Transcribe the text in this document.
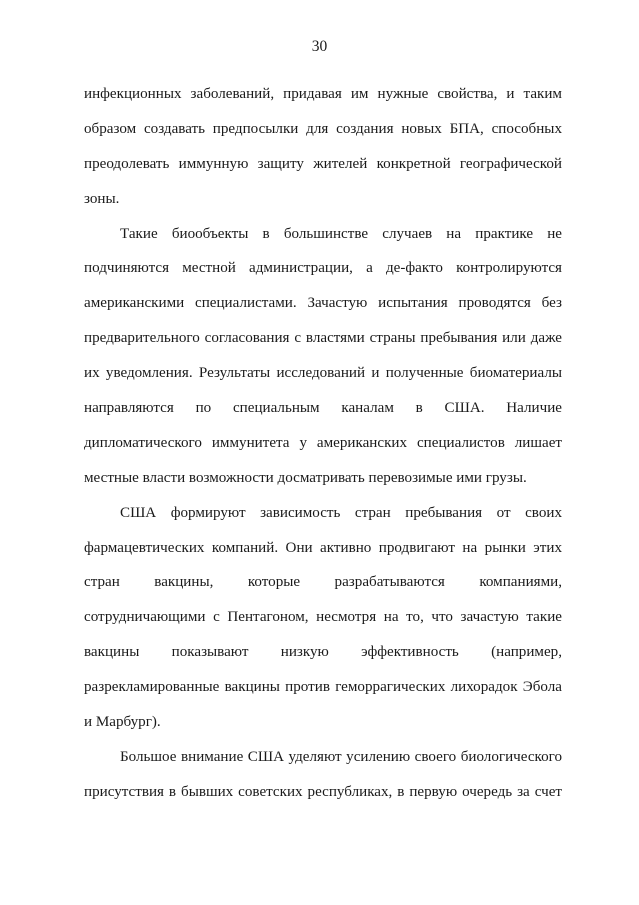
30

инфекционных заболеваний, придавая им нужные свойства, и таким
образом создавать предпосылки для создания новых БПА, способных
преодолевать иммунную защиту жителей конкретной географической
зоны.

Такие биообъекты в большинстве случаев на практике не
подчиняются местной администрации, а де-факто контролируются
американскими специалистами. Зачастую испытания проводятся без
предварительного согласования с властями страны пребывания или даже
их уведомления. Результаты исследований и полученные биоматериалы
направляются по специальным каналам в США. Наличие
дипломатического иммунитета у американских специалистов лишает
местные власти возможности досматривать перевозимые ими грузы.

США формируют зависимость стран пребывания от своих
фармацевтических компаний. Они активно продвигают на рынки этих
стран вакцины, которые разрабатываются компаниями,
сотрудничающими с Пентагоном, несмотря на то, что зачастую такие
вакцины показывают низкую эффективность (например,
разрекламированные вакцины против геморрагических лихорадок Эбола
и Марбург).

Большое внимание США уделяют усилению своего биологического
присутствия в бывших советских республиках, в первую очередь за счет
